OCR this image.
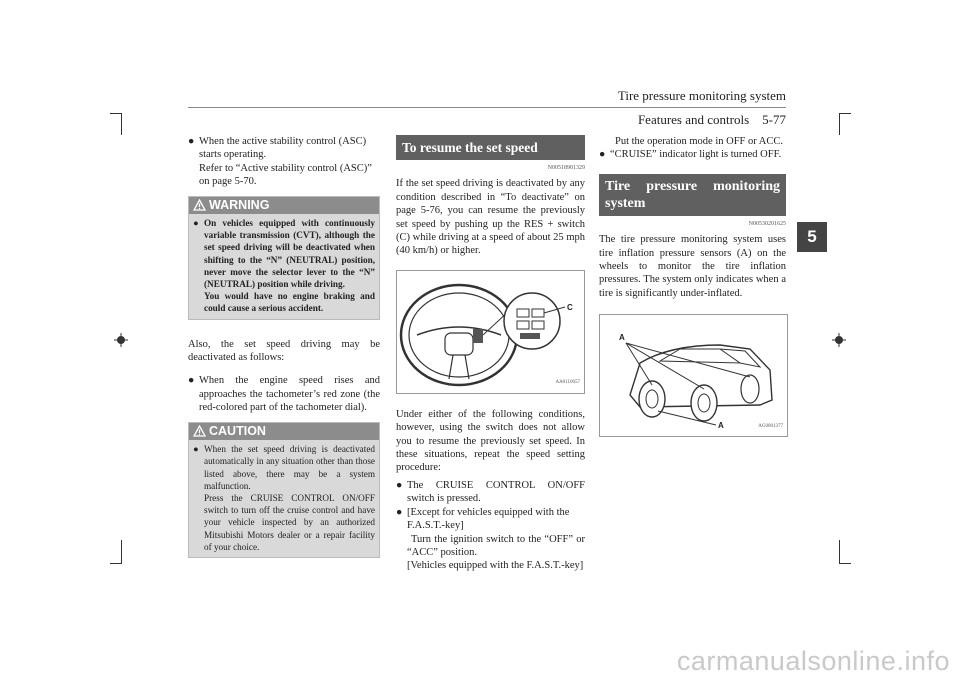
Tire pressure monitoring system
Features and controls 5-77
5
● When the active stability control (ASC) starts operating.

Refer to “Active stability control (ASC)” on page 5-70.

WARNING
● On vehicles equipped with continuously variable transmission (CVT), although the set speed driving will be deactivated when shifting to the “N” (NEUTRAL) position, never move the selector lever to the “N” (NEUTRAL) position while driving.

You would have no engine braking and could cause a serious accident.

Also, the set speed driving may be deactivated as follows:

● When the engine speed rises and approaches the tachometer’s red zone (the red-colored part of the tachometer dial).

CAUTION
● When the set speed driving is deactivated automatically in any situation other than those listed above, there may be a system malfunction.

Press the CRUISE CONTROL ON/OFF switch to turn off the cruise control and have your vehicle inspected by an authorized Mitsubishi Motors dealer or a repair facility of your choice.

To resume the set speed
N00518901329

If the set speed driving is deactivated by any condition described in “To deactivate” on page 5-76, you can resume the previously set speed by pushing up the RES + switch (C) while driving at a speed of about 25 mph (40 km/h) or higher.

C
AA0110657

Under either of the following conditions, however, using the switch does not allow you to resume the previously set speed. In these situations, repeat the speed setting procedure:

● The CRUISE CONTROL ON/OFF switch is pressed.

● [Except for vehicles equipped with the F.A.S.T.-key]

Turn the ignition switch to the “OFF” or “ACC” position.

[Vehicles equipped with the F.A.S.T.-key]

Put the operation mode in OFF or ACC.

● “CRUISE” indicator light is turned OFF.

Tire pressure monitoring system
N00530201625

The tire pressure monitoring system uses tire inflation pressure sensors (A) on the wheels to monitor the tire inflation pressures. The system only indicates when a tire is significantly under-inflated.

A
A	AG0001377
carmanualsonline.info
